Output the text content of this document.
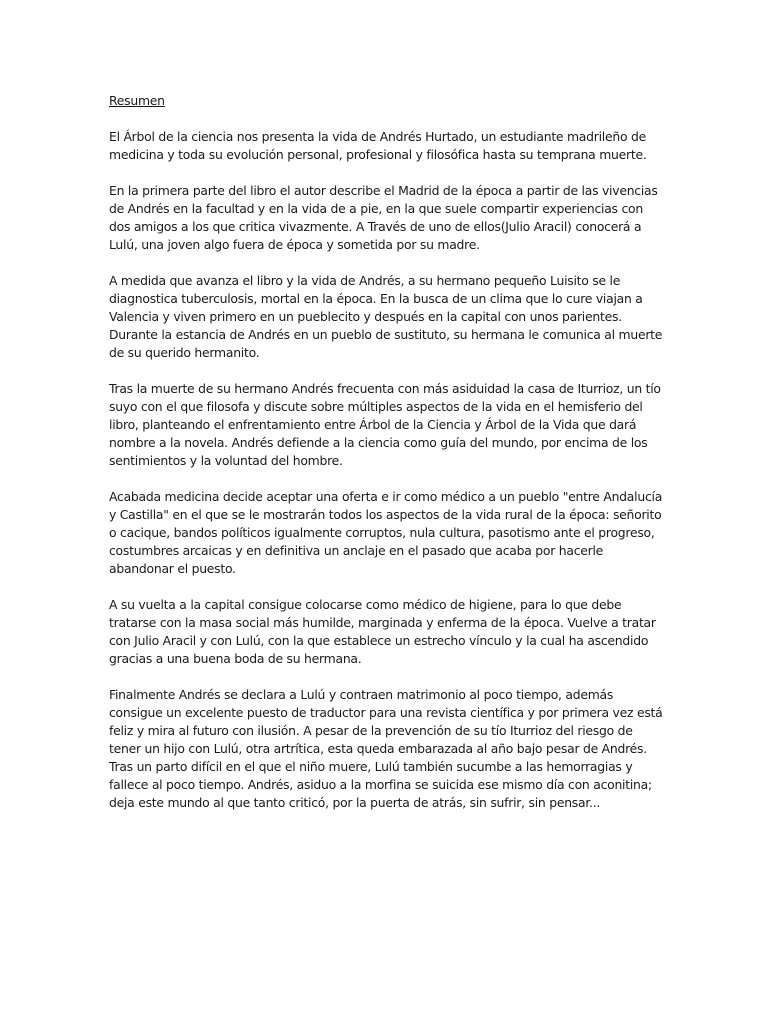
Resumen

El Árbol de la ciencia nos presenta la vida de Andrés Hurtado, un estudiante madrileño de medicina y toda su evolución personal, profesional y filosófica hasta su temprana muerte.

En la primera parte del libro el autor describe el Madrid de la época a partir de las vivencias de Andrés en la facultad y en la vida de a pie, en la que suele compartir experiencias con dos amigos a los que critica vivazmente. A Través de uno de ellos(Julio Aracil) conocerá a Lulú, una joven algo fuera de época y sometida por su madre.

A medida que avanza el libro y la vida de Andrés, a su hermano pequeño Luisito se le diagnostica tuberculosis, mortal en la época. En la busca de un clima que lo cure viajan a Valencia y viven primero en un pueblecito y después en la capital con unos parientes. Durante la estancia de Andrés en un pueblo de sustituto, su hermana le comunica al muerte de su querido hermanito.

Tras la muerte de su hermano Andrés frecuenta con más asiduidad la casa de Iturrioz, un tío suyo con el que filosofa y discute sobre múltiples aspectos de la vida en el hemisferio del libro, planteando el enfrentamiento entre Árbol de la Ciencia y Árbol de la Vida que dará nombre a la novela. Andrés defiende a la ciencia como guía del mundo, por encima de los sentimientos y la voluntad del hombre.

Acabada medicina decide aceptar una oferta e ir como médico a un pueblo "entre Andalucía y Castilla" en el que se le mostrarán todos los aspectos de la vida rural de la época: señorito o cacique, bandos políticos igualmente corruptos, nula cultura, pasotismo ante el progreso, costumbres arcaicas y en definitiva un anclaje en el pasado que acaba por hacerle abandonar el puesto.

A su vuelta a la capital consigue colocarse como médico de higiene, para lo que debe tratarse con la masa social más humilde, marginada y enferma de la época. Vuelve a tratar con Julio Aracil y con Lulú, con la que establece un estrecho vínculo y la cual ha ascendido gracias a una buena boda de su hermana.

Finalmente Andrés se declara a Lulú y contraen matrimonio al poco tiempo, además consigue un excelente puesto de traductor para una revista científica y por primera vez está feliz y mira al futuro con ilusión. A pesar de la prevención de su tío Iturrioz del riesgo de tener un hijo con Lulú, otra artrítica, esta queda embarazada al año bajo pesar de Andrés. Tras un parto difícil en el que el niño muere, Lulú también sucumbe a las hemorragias y fallece al poco tiempo. Andrés, asiduo a la morfina se suicida ese mismo día con aconitina; deja este mundo al que tanto criticó, por la puerta de atrás, sin sufrir, sin pensar...
